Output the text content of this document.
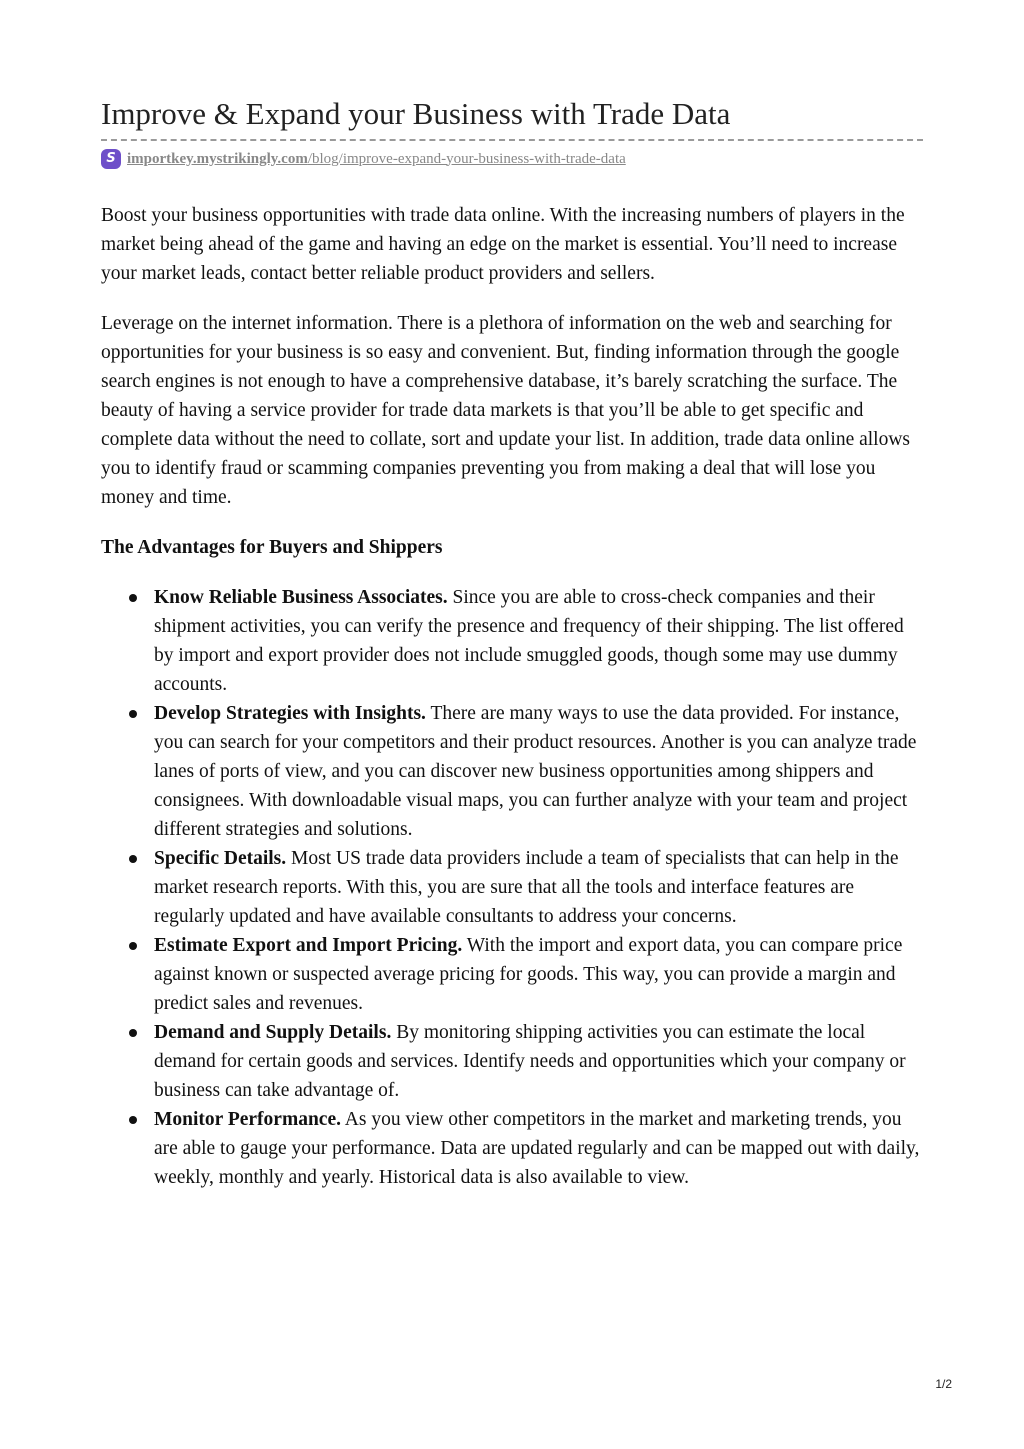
Improve & Expand your Business with Trade Data
S importkey.mystrikingly.com/blog/improve-expand-your-business-with-trade-data

Boost your business opportunities with trade data online. With the increasing numbers of players in the market being ahead of the game and having an edge on the market is essential. You’ll need to increase your market leads, contact better reliable product providers and sellers.

Leverage on the internet information. There is a plethora of information on the web and searching for opportunities for your business is so easy and convenient. But, finding information through the google search engines is not enough to have a comprehensive database, it’s barely scratching the surface. The beauty of having a service provider for trade data markets is that you’ll be able to get specific and complete data without the need to collate, sort and update your list. In addition, trade data online allows you to identify fraud or scamming companies preventing you from making a deal that will lose you money and time.

The Advantages for Buyers and Shippers
Know Reliable Business Associates. Since you are able to cross-check companies and their shipment activities, you can verify the presence and frequency of their shipping. The list offered by import and export provider does not include smuggled goods, though some may use dummy accounts.
Develop Strategies with Insights. There are many ways to use the data provided. For instance, you can search for your competitors and their product resources. Another is you can analyze trade lanes of ports of view, and you can discover new business opportunities among shippers and consignees. With downloadable visual maps, you can further analyze with your team and project different strategies and solutions.
Specific Details. Most US trade data providers include a team of specialists that can help in the market research reports. With this, you are sure that all the tools and interface features are regularly updated and have available consultants to address your concerns.
Estimate Export and Import Pricing. With the import and export data, you can compare price against known or suspected average pricing for goods. This way, you can provide a margin and predict sales and revenues.
Demand and Supply Details. By monitoring shipping activities you can estimate the local demand for certain goods and services. Identify needs and opportunities which your company or business can take advantage of.
Monitor Performance. As you view other competitors in the market and marketing trends, you are able to gauge your performance. Data are updated regularly and can be mapped out with daily, weekly, monthly and yearly. Historical data is also available to view.
1/2
